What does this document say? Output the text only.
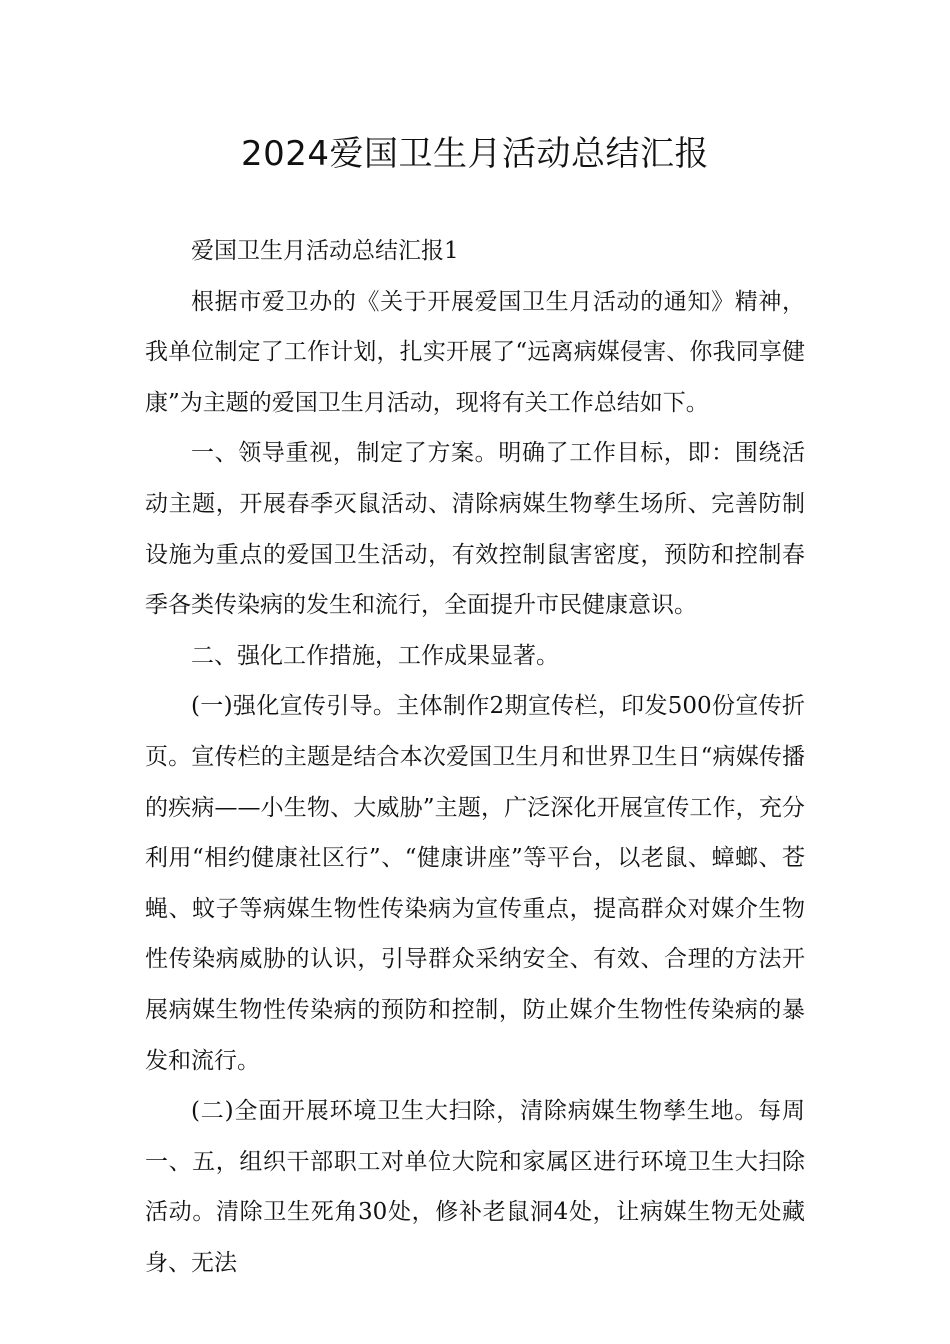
2024爱国卫生月活动总结汇报

爱国卫生月活动总结汇报1

根据市爱卫办的《关于开展爱国卫生月活动的通知》精神，我单位制定了工作计划，扎实开展了“远离病媒侵害、你我同享健康”为主题的爱国卫生月活动，现将有关工作总结如下。

一、领导重视，制定了方案。明确了工作目标，即：围绕活动主题，开展春季灭鼠活动、清除病媒生物孳生场所、完善防制设施为重点的爱国卫生活动，有效控制鼠害密度，预防和控制春季各类传染病的发生和流行，全面提升市民健康意识。

二、强化工作措施，工作成果显著。

(一)强化宣传引导。主体制作2期宣传栏，印发500份宣传折页。宣传栏的主题是结合本次爱国卫生月和世界卫生日“病媒传播的疾病——小生物、大威胁”主题，广泛深化开展宣传工作，充分利用“相约健康社区行”、“健康讲座”等平台，以老鼠、蟑螂、苍蝇、蚊子等病媒生物性传染病为宣传重点，提高群众对媒介生物性传染病威胁的认识，引导群众采纳安全、有效、合理的方法开展病媒生物性传染病的预防和控制，防止媒介生物性传染病的暴发和流行。

(二)全面开展环境卫生大扫除，清除病媒生物孳生地。每周一、五，组织干部职工对单位大院和家属区进行环境卫生大扫除活动。清除卫生死角30处，修补老鼠洞4处，让病媒生物无处藏身、无法
